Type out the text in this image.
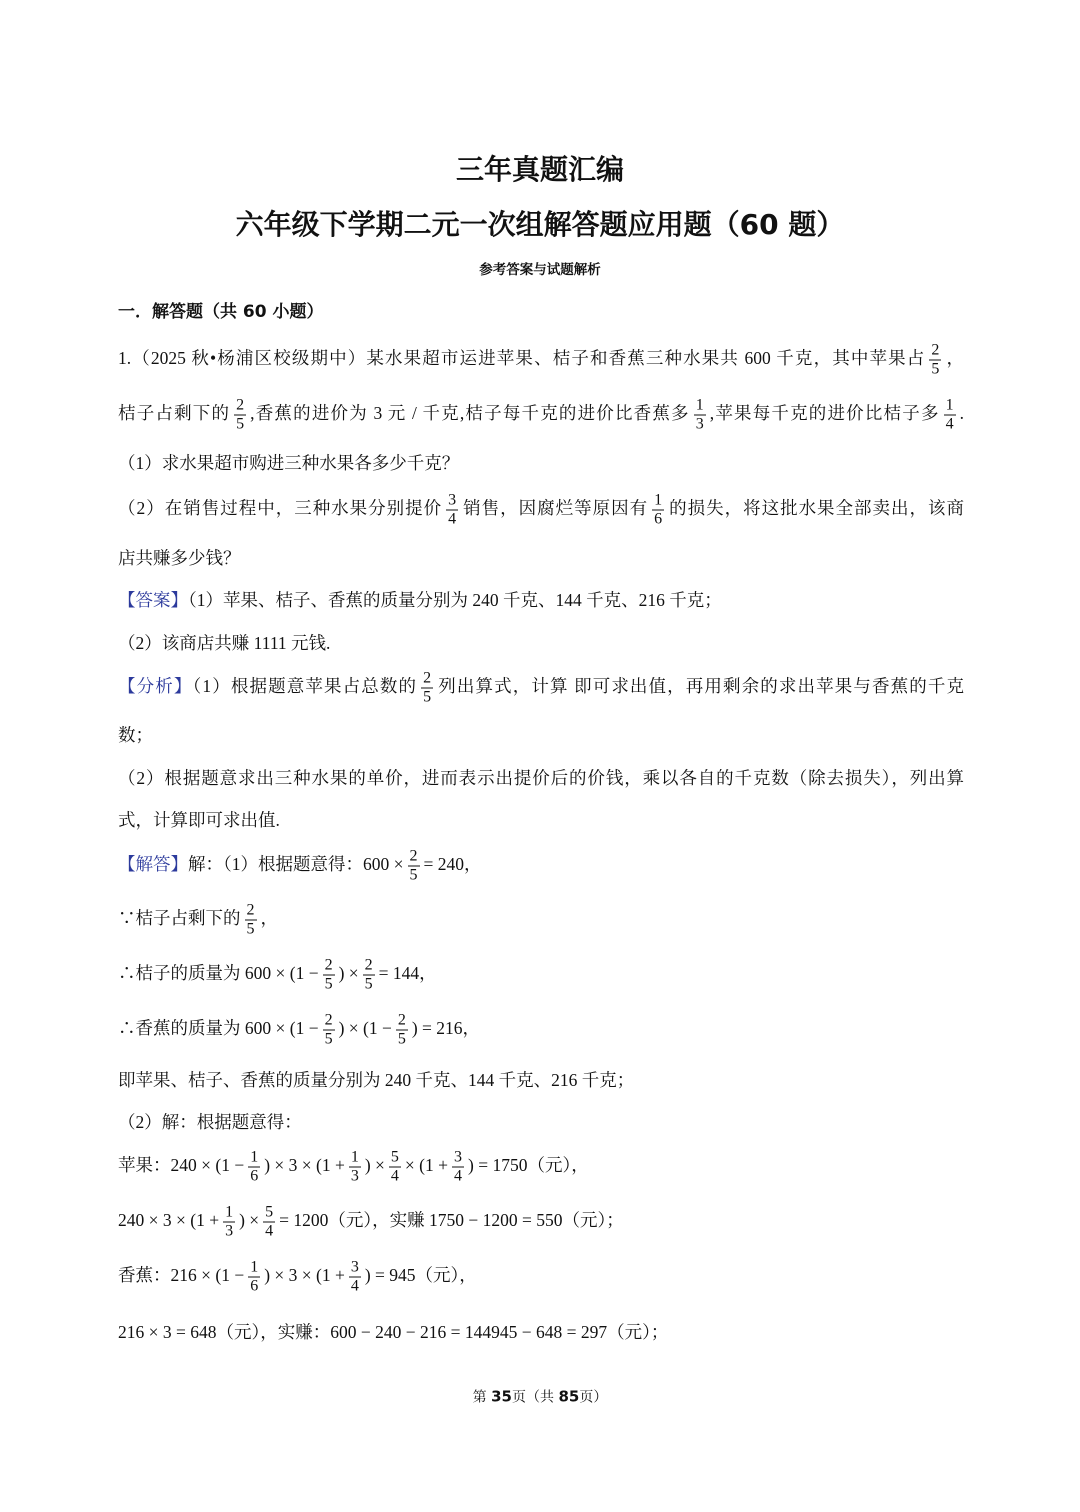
三年真题汇编
六年级下学期二元一次组解答题应用题（60 题）
参考答案与试题解析
一．解答题（共 60 小题）
1.（2025 秋•杨浦区校级期中）某水果超市运进苹果、桔子和香蕉三种水果共 600 千克，其中苹果占 $\frac{2}{5}$ ，
桔子占剩下的 $\frac{2}{5}$ ,香蕉的进价为 3 元 / 千克,桔子每千克的进价比香蕉多 $\frac{1}{3}$ ,苹果每千克的进价比桔子多 $\frac{1}{4}$ .
（1）求水果超市购进三种水果各多少千克？
（2）在销售过程中，三种水果分别提价 $\frac{3}{4}$ 销售，因腐烂等原因有 $\frac{1}{6}$ 的损失，将这批水果全部卖出，该商
店共赚多少钱？
【答案】（1）苹果、桔子、香蕉的质量分别为 240 千克、144 千克、216 千克；
（2）该商店共赚 1111 元钱.
【分析】（1）根据题意苹果占总数的 $\frac{2}{5}$ 列出算式，计算 即可求出值，再用剩余的求出苹果与香蕉的千克
数；
（2）根据题意求出三种水果的单价，进而表示出提价后的价钱，乘以各自的千克数（除去损失），列出算
式，计算即可求出值.
【解答】解：（1）根据题意得：$600 \times \frac{2}{5} = 240$，
∵桔子占剩下的 $\frac{2}{5}$ ，
∴桔子的质量为 $600 \times (1 - \frac{2}{5}$ ) × $\frac{2}{5} = 144$，
∴香蕉的质量为 $600 \times (1 - \frac{2}{5}$ ) × ($1 - \frac{2}{5}$ ) = 216，
即苹果、桔子、香蕉的质量分别为 240 千克、144 千克、216 千克；
（2）解：根据题意得：
苹果：$240 \times (1 - \frac{1}{6}$ ) × $3 \times (1 + \frac{1}{3}$ ) × $\frac{5}{4} \times (1 + \frac{3}{4}$ ) = 1750（元），
$240 \times 3 \times (1 + \frac{1}{3}$ ) × $\frac{5}{4} = 1200$（元），实赚 1750 − 1200 = 550（元）；
香蕉：$216 \times (1 - \frac{1}{6}$ ) × $3 \times (1 + \frac{3}{4}$ ) = 945（元），
216 × 3 = 648（元），实赚：600 − 240 − 216 = 144945 − 648 = 297（元）；
第 35页（共 85页）
